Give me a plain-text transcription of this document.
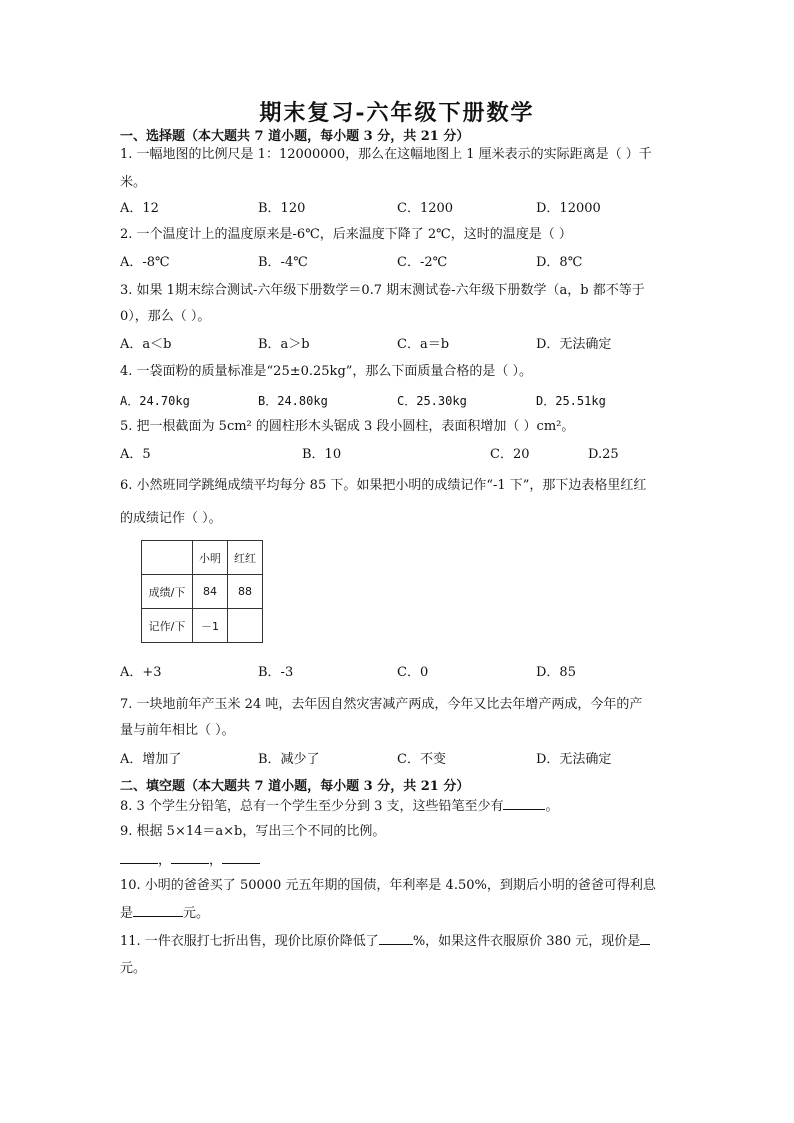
期末复习-六年级下册数学
一、选择题（本大题共 7 道小题，每小题 3 分，共 21 分）
1. 一幅地图的比例尺是 1：12000000，那么在这幅地图上 1 厘米表示的实际距离是（ ）千
米。
A．12	B．120	C．1200	D．12000
2. 一个温度计上的温度原来是-6℃，后来温度下降了 2℃，这时的温度是（ ）
A．-8℃	B．-4℃	C．-2℃	D．8℃
3. 如果 1期末综合测试-六年级下册数学＝0.7 期末测试卷-六年级下册数学（a，b 都不等于
0），那么（ ）。
A．a＜b	B．a＞b	C．a＝b	D．无法确定
4. 一袋面粉的质量标准是“25±0.25kg”，那么下面质量合格的是（ ）。
A．24.70kg	B．24.80kg	C．25.30kg	D．25.51kg
5. 把一根截面为 5cm² 的圆柱形木头锯成 3 段小圆柱，表面积增加（ ）cm²。
A．5	B．10	C．20	D.25
6. 小然班同学跳绳成绩平均每分 85 下。如果把小明的成绩记作“-1 下”，那下边表格里红红
的成绩记作（ ）。
	小明	红红
成绩/下	84	88
记作/下	－1	
A．+3	B．-3	C．0	D．85
7. 一块地前年产玉米 24 吨，去年因自然灾害减产两成，今年又比去年增产两成，今年的产
量与前年相比（ ）。
A．增加了	B．减少了	C．不变	D．无法确定
二、填空题（本大题共 7 道小题，每小题 3 分，共 21 分）
8. 3 个学生分铅笔，总有一个学生至少分到 3 支，这些铅笔至少有	。
9. 根据 5×14＝a×b，写出三个不同的比例。
，	，
10. 小明的爸爸买了 50000 元五年期的国债，年利率是 4.50%，到期后小明的爸爸可得利息
是	元。
11. 一件衣服打七折出售，现价比原价降低了	%，如果这件衣服原价 380 元，现价是
元。
